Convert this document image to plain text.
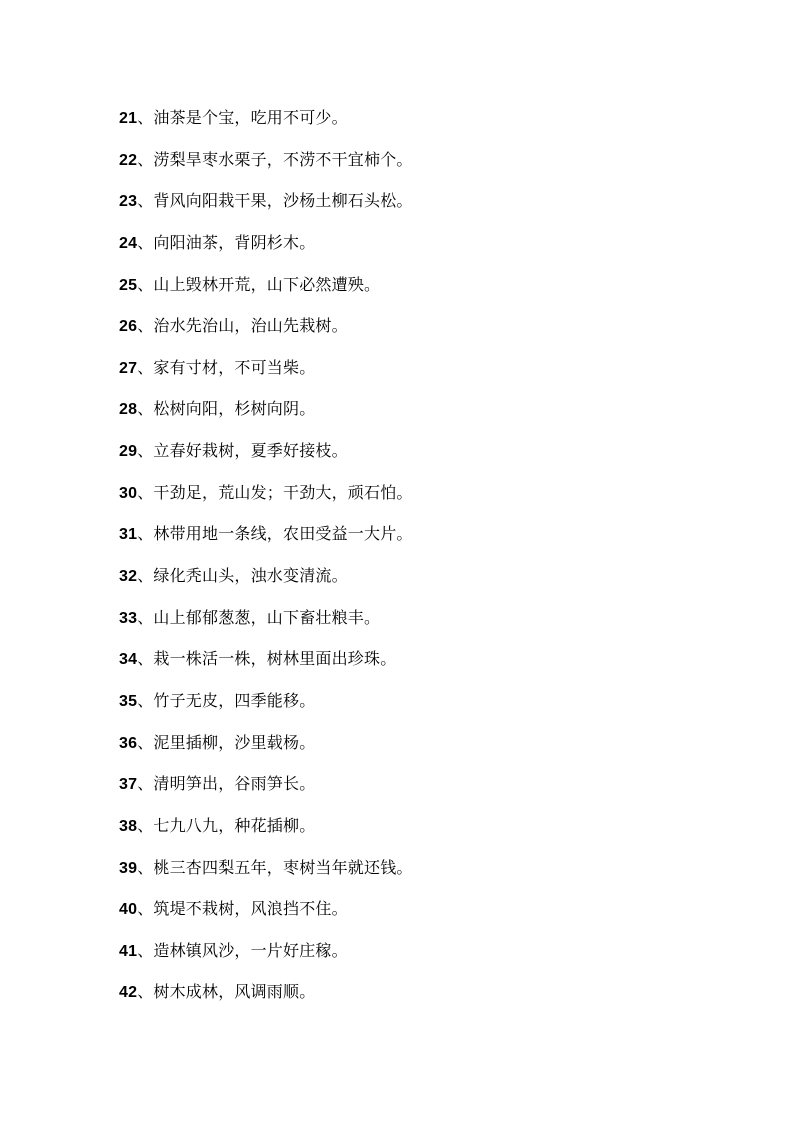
21、油茶是个宝，吃用不可少。
22、涝梨旱枣水栗子，不涝不干宜柿个。
23、背风向阳栽干果，沙杨土柳石头松。
24、向阳油茶，背阴杉木。
25、山上毁林开荒，山下必然遭殃。
26、治水先治山，治山先栽树。
27、家有寸材，不可当柴。
28、松树向阳，杉树向阴。
29、立春好栽树，夏季好接枝。
30、干劲足，荒山发；干劲大，顽石怕。
31、林带用地一条线，农田受益一大片。
32、绿化秃山头，浊水变清流。
33、山上郁郁葱葱，山下畜壮粮丰。
34、栽一株活一株，树林里面出珍珠。
35、竹子无皮，四季能移。
36、泥里插柳，沙里载杨。
37、清明笋出，谷雨笋长。
38、七九八九，种花插柳。
39、桃三杏四梨五年，枣树当年就还钱。
40、筑堤不栽树，风浪挡不住。
41、造林镇风沙，一片好庄稼。
42、树木成林，风调雨顺。
